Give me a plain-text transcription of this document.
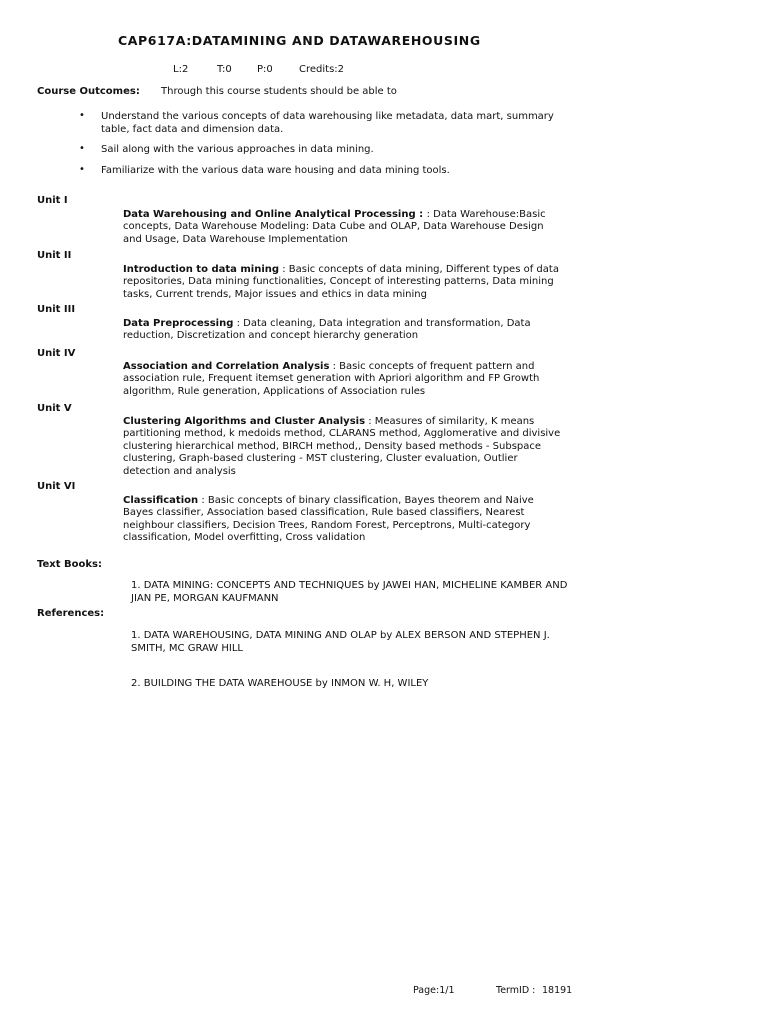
CAP617A:DATAMINING AND DATAWAREHOUSING
L:2	T:0	P:0	Credits:2
Course Outcomes: Through this course students should be able to
• Understand the various concepts of data warehousing like metadata, data mart, summary table, fact data and dimension data.
• Sail along with the various approaches in data mining.
• Familiarize with the various data ware housing and data mining tools.
Unit I
Data Warehousing and Online Analytical Processing : : Data Warehouse:Basic concepts, Data Warehouse Modeling: Data Cube and OLAP, Data Warehouse Design and Usage, Data Warehouse Implementation
Unit II
Introduction to data mining : Basic concepts of data mining, Different types of data repositories, Data mining functionalities, Concept of interesting patterns, Data mining tasks, Current trends, Major issues and ethics in data mining
Unit III
Data Preprocessing : Data cleaning, Data integration and transformation, Data reduction, Discretization and concept hierarchy generation
Unit IV
Association and Correlation Analysis : Basic concepts of frequent pattern and association rule, Frequent itemset generation with Apriori algorithm and FP Growth algorithm, Rule generation, Applications of Association rules
Unit V
Clustering Algorithms and Cluster Analysis : Measures of similarity, K means partitioning method, k medoids method, CLARANS method, Agglomerative and divisive clustering hierarchical method, BIRCH method,, Density based methods - Subspace clustering, Graph-based clustering - MST clustering, Cluster evaluation, Outlier detection and analysis
Unit VI
Classification : Basic concepts of binary classification, Bayes theorem and Naive Bayes classifier, Association based classification, Rule based classifiers, Nearest neighbour classifiers, Decision Trees, Random Forest, Perceptrons, Multi-category classification, Model overfitting, Cross validation
Text Books:
1. DATA MINING: CONCEPTS AND TECHNIQUES by JAWEI HAN, MICHELINE KAMBER AND JIAN PE, MORGAN KAUFMANN
References:
1. DATA WAREHOUSING, DATA MINING AND OLAP by ALEX BERSON AND STEPHEN J. SMITH, MC GRAW HILL
2. BUILDING THE DATA WAREHOUSE by INMON W. H, WILEY
Page:1/1	TermID : 18191
